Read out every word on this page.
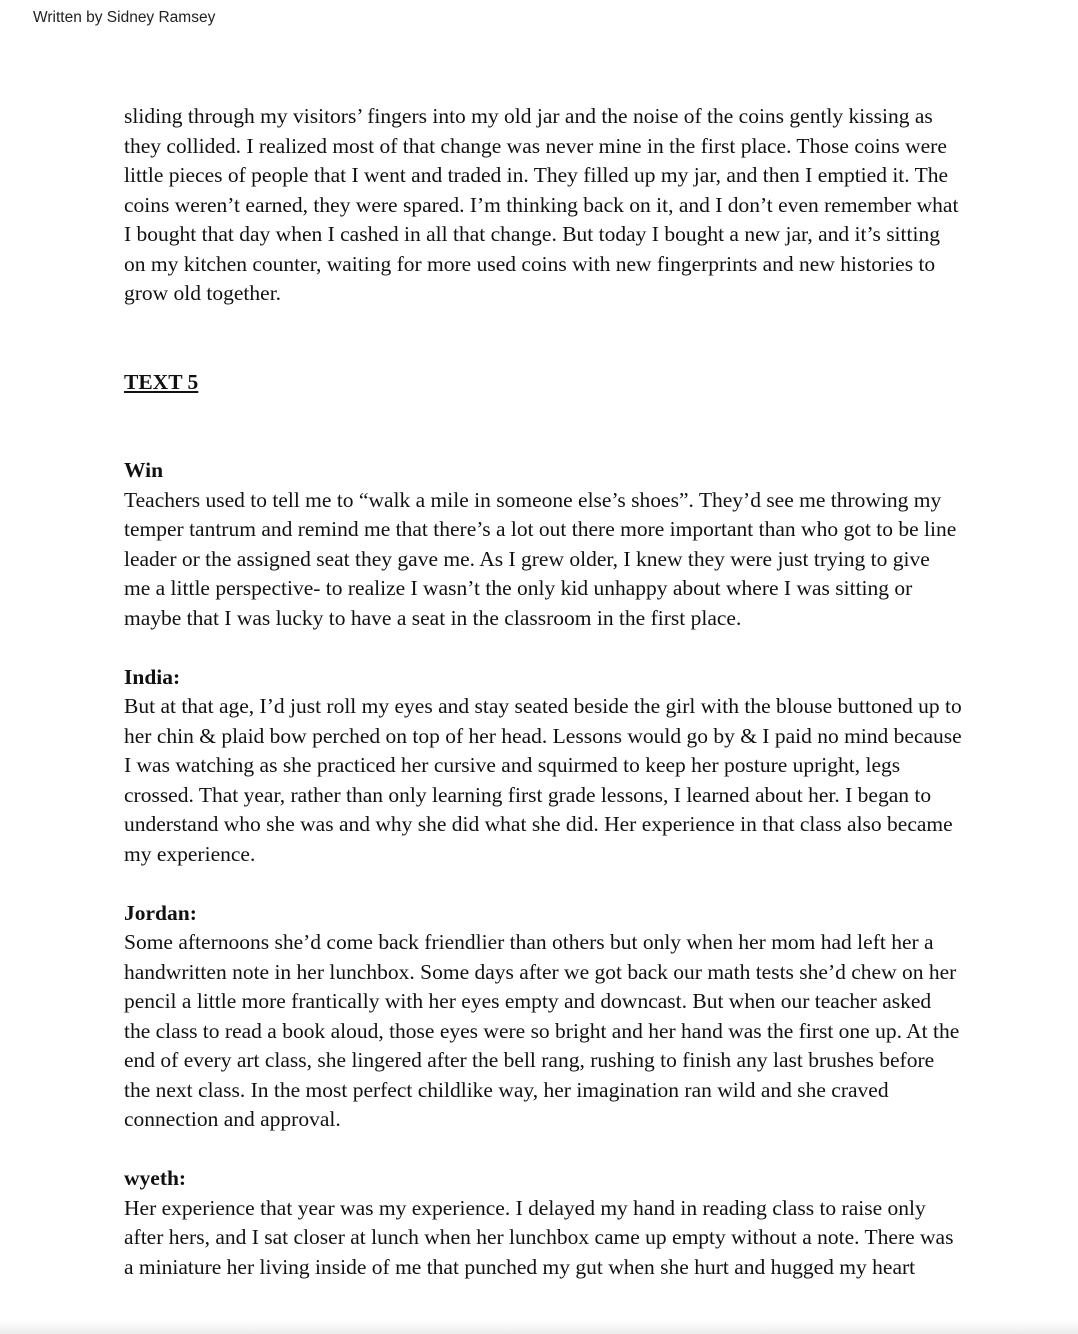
Written by Sidney Ramsey

sliding through my visitors’ fingers into my old jar and the noise of the coins gently kissing as
they collided. I realized most of that change was never mine in the first place. Those coins were
little pieces of people that I went and traded in. They filled up my jar, and then I emptied it. The
coins weren’t earned, they were spared. I’m thinking back on it, and I don’t even remember what
I bought that day when I cashed in all that change. But today I bought a new jar, and it’s sitting
on my kitchen counter, waiting for more used coins with new fingerprints and new histories to
grow old together.

TEXT 5

Win

Teachers used to tell me to “walk a mile in someone else’s shoes”. They’d see me throwing my
temper tantrum and remind me that there’s a lot out there more important than who got to be line
leader or the assigned seat they gave me. As I grew older, I knew they were just trying to give
me a little perspective- to realize I wasn’t the only kid unhappy about where I was sitting or
maybe that I was lucky to have a seat in the classroom in the first place.

India:

But at that age, I’d just roll my eyes and stay seated beside the girl with the blouse buttoned up to
her chin & plaid bow perched on top of her head. Lessons would go by & I paid no mind because
I was watching as she practiced her cursive and squirmed to keep her posture upright, legs
crossed. That year, rather than only learning first grade lessons, I learned about her. I began to
understand who she was and why she did what she did. Her experience in that class also became
my experience.

Jordan:

Some afternoons she’d come back friendlier than others but only when her mom had left her a
handwritten note in her lunchbox. Some days after we got back our math tests she’d chew on her
pencil a little more frantically with her eyes empty and downcast. But when our teacher asked
the class to read a book aloud, those eyes were so bright and her hand was the first one up. At the
end of every art class, she lingered after the bell rang, rushing to finish any last brushes before
the next class. In the most perfect childlike way, her imagination ran wild and she craved
connection and approval.

wyeth:

Her experience that year was my experience. I delayed my hand in reading class to raise only
after hers, and I sat closer at lunch when her lunchbox came up empty without a note. There was
a miniature her living inside of me that punched my gut when she hurt and hugged my heart
